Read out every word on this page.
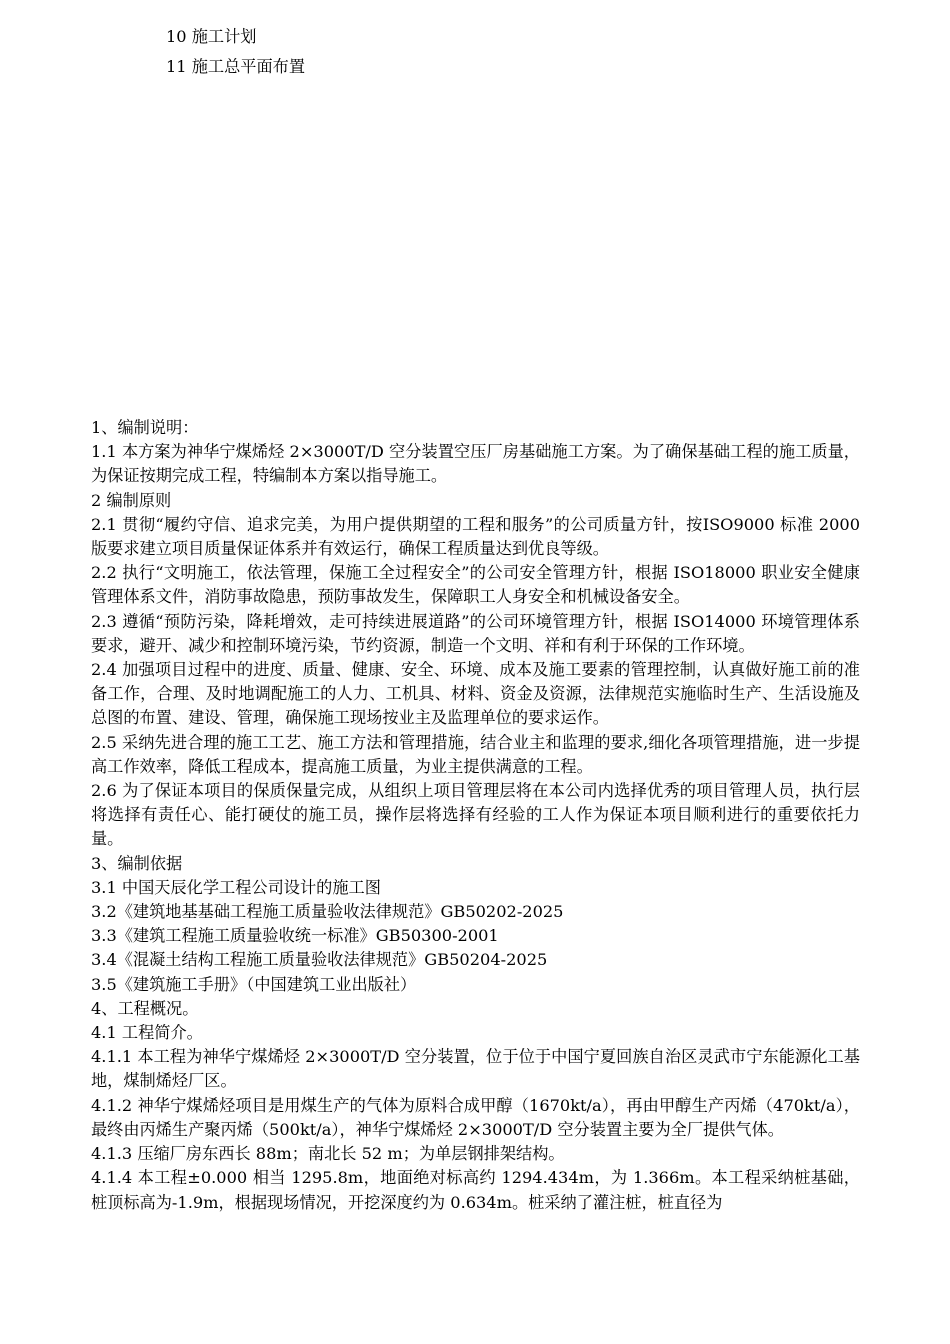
10 施工计划
11 施工总平面布置

1、编制说明：

1.1 本方案为神华宁煤烯烃 2×3000T/D 空分装置空压厂房基础施工方案。为了确保基础工程的施工质量，为保证按期完成工程，特编制本方案以指导施工。

2 编制原则

2.1 贯彻“履约守信、追求完美，为用户提供期望的工程和服务”的公司质量方针，按ISO9000 标准 2000 版要求建立项目质量保证体系并有效运行，确保工程质量达到优良等级。

2.2 执行“文明施工，依法管理，保施工全过程安全”的公司安全管理方针，根据 ISO18000 职业安全健康管理体系文件，消防事故隐患，预防事故发生，保障职工人身安全和机械设备安全。

2.3 遵循“预防污染，降耗增效，走可持续进展道路”的公司环境管理方针，根据 ISO14000 环境管理体系要求，避开、减少和控制环境污染，节约资源，制造一个文明、祥和有利于环保的工作环境。

2.4 加强项目过程中的进度、质量、健康、安全、环境、成本及施工要素的管理控制，认真做好施工前的准备工作，合理、及时地调配施工的人力、工机具、材料、资金及资源，法律规范实施临时生产、生活设施及总图的布置、建设、管理，确保施工现场按业主及监理单位的要求运作。

2.5 采纳先进合理的施工工艺、施工方法和管理措施，结合业主和监理的要求,细化各项管理措施，进一步提高工作效率，降低工程成本，提高施工质量，为业主提供满意的工程。

2.6 为了保证本项目的保质保量完成，从组织上项目管理层将在本公司内选择优秀的项目管理人员，执行层将选择有责任心、能打硬仗的施工员，操作层将选择有经验的工人作为保证本项目顺利进行的重要依托力量。

3、编制依据

3.1 中国天辰化学工程公司设计的施工图

3.2《建筑地基基础工程施工质量验收法律规范》GB50202-2025

3.3《建筑工程施工质量验收统一标准》GB50300-2001

3.4《混凝土结构工程施工质量验收法律规范》GB50204-2025

3.5《建筑施工手册》（中国建筑工业出版社）

4、工程概况。

4.1 工程简介。

4.1.1 本工程为神华宁煤烯烃 2×3000T/D 空分装置，位于位于中国宁夏回族自治区灵武市宁东能源化工基地，煤制烯烃厂区。

4.1.2 神华宁煤烯烃项目是用煤生产的气体为原料合成甲醇（1670kt/a），再由甲醇生产丙烯（470kt/a），最终由丙烯生产聚丙烯（500kt/a），神华宁煤烯烃 2×3000T/D 空分装置主要为全厂提供气体。

4.1.3 压缩厂房东西长 88m；南北长 52 m；为单层钢排架结构。

4.1.4 本工程±0.000 相当 1295.8m，地面绝对标高约 1294.434m，为 1.366m。本工程采纳桩基础，桩顶标高为-1.9m，根据现场情况，开挖深度约为 0.634m。桩采纳了灌注桩，桩直径为
